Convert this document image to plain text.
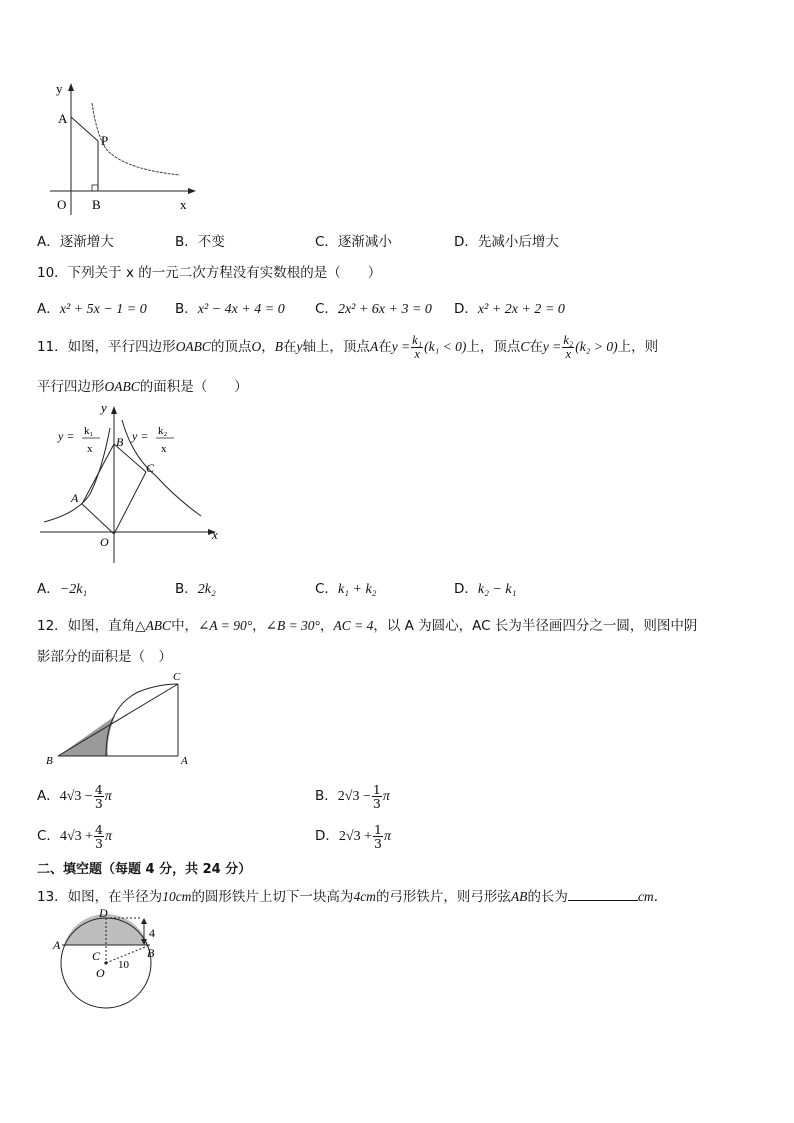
y
A
P
O B	x
A．逐渐增大	B．不变	C．逐渐减小	D．先减小后增大
10．下列关于 x 的一元二次方程没有实数根的是（　　）
A．x² + 5x − 1 = 0 B．x² − 4x + 4 = 0 C．2x² + 6x + 3 = 0 D．x² + 2x + 2 = 0
11．如图，平行四边形OABC的顶点O，B在y轴上，顶点A在$y = \frac{\text{k₁}}{x} (k_1 < 0)$上，顶点C在$y = \frac{\text{k₂}}{x} (k_2 > 0)$上，则
平行四边形OABC的面积是（　　）
y
y = k₁
x B y = k₂
x
C
A
O	x
A．−2k₁	B．2k₂	C．k₁ + k₂	D．k₂ − k₁
12．如图，直角△ABC中，∠A = 90°，∠B = 30°，AC = 4，以 A 为圆心，AC 长为半径画四分之一圆，则图中阴
影部分的面积是（　）
C
B	A
A．$4√3 - \frac{4}{3}$ π	B．$2√3 - \frac{1}{3}$ π
C．$4√3 + \frac{4}{3}$ π	D．$2√3 + \frac{1}{3}$ π
二、填空题（每题 4 分，共 24 分）
13．如图，在半径为10cm的圆形铁片上切下一块高为4cm的弓形铁片，则弓形弦AB的长为	cm．
D
4
A
C
10
B
O
